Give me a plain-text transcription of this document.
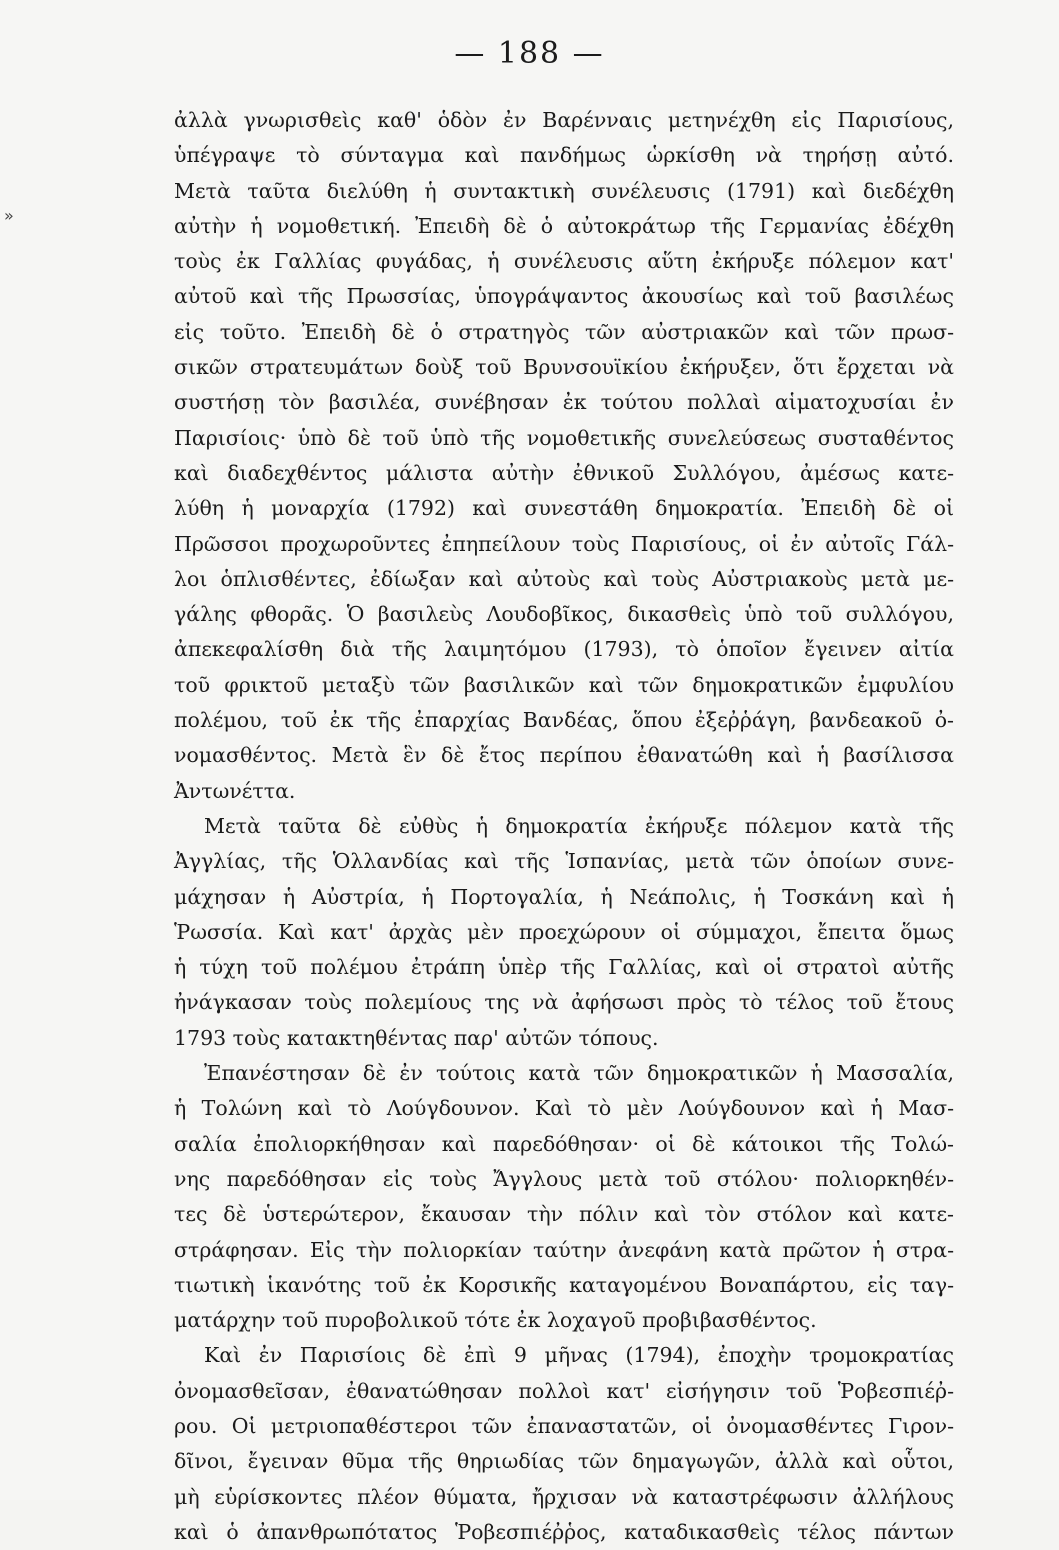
— 188 —
»
ἀλλὰ γνωρισθεὶς καθ' ὁδὸν ἐν Βαρένναις μετηνέχθη εἰς Παρισίους,
ὑπέγραψε τὸ σύνταγμα καὶ πανδήμως ὡρκίσθη νὰ τηρήσῃ αὐτό.
Μετὰ ταῦτα διελύθη ἡ συντακτικὴ συνέλευσις (1791) καὶ διεδέχθη
αὐτὴν ἡ νομοθετική. Ἐπειδὴ δὲ ὁ αὐτοκράτωρ τῆς Γερμανίας ἐδέχθη
τοὺς ἐκ Γαλλίας φυγάδας, ἡ συνέλευσις αὕτη ἐκήρυξε πόλεμον κατ'
αὐτοῦ καὶ τῆς Πρωσσίας, ὑπογράψαντος ἀκουσίως καὶ τοῦ βασιλέως
εἰς τοῦτο. Ἐπειδὴ δὲ ὁ στρατηγὸς τῶν αὐστριακῶν καὶ τῶν πρωσ-
σικῶν στρατευμάτων δοὺξ τοῦ Βρυνσουϊκίου ἐκήρυξεν, ὅτι ἔρχεται νὰ
συστήσῃ τὸν βασιλέα, συνέβησαν ἐκ τούτου πολλαὶ αἱματοχυσίαι ἐν
Παρισίοις· ὑπὸ δὲ τοῦ ὑπὸ τῆς νομοθετικῆς συνελεύσεως συσταθέντος
καὶ διαδεχθέντος μάλιστα αὐτὴν ἐθνικοῦ Συλλόγου, ἀμέσως κατε-
λύθη ἡ μοναρχία (1792) καὶ συνεστάθη δημοκρατία. Ἐπειδὴ δὲ οἱ
Πρῶσσοι προχωροῦντες ἐπηπείλουν τοὺς Παρισίους, οἱ ἐν αὐτοῖς Γάλ-
λοι ὁπλισθέντες, ἐδίωξαν καὶ αὐτοὺς καὶ τοὺς Αὐστριακοὺς μετὰ με-
γάλης φθορᾶς. Ὁ βασιλεὺς Λουδοβῖκος, δικασθεὶς ὑπὸ τοῦ συλλόγου,
ἀπεκεφαλίσθη διὰ τῆς λαιμητόμου (1793), τὸ ὁποῖον ἔγεινεν αἰτία
τοῦ φρικτοῦ μεταξὺ τῶν βασιλικῶν καὶ τῶν δημοκρατικῶν ἐμφυλίου
πολέμου, τοῦ ἐκ τῆς ἐπαρχίας Βανδέας, ὅπου ἐξεῤῥάγη, βανδεακοῦ ὀ-
νομασθέντος. Μετὰ ἓν δὲ ἔτος περίπου ἐθανατώθη καὶ ἡ βασίλισσα
Ἀντωνέττα.
Μετὰ ταῦτα δὲ εὐθὺς ἡ δημοκρατία ἐκήρυξε πόλεμον κατὰ τῆς
Ἀγγλίας, τῆς Ὁλλανδίας καὶ τῆς Ἱσπανίας, μετὰ τῶν ὁποίων συνε-
μάχησαν ἡ Αὐστρία, ἡ Πορτογαλία, ἡ Νεάπολις, ἡ Τοσκάνη καὶ ἡ
Ῥωσσία. Καὶ κατ' ἀρχὰς μὲν προεχώρουν οἱ σύμμαχοι, ἔπειτα ὅμως
ἡ τύχη τοῦ πολέμου ἐτράπη ὑπὲρ τῆς Γαλλίας, καὶ οἱ στρατοὶ αὐτῆς
ἠνάγκασαν τοὺς πολεμίους της νὰ ἀφήσωσι πρὸς τὸ τέλος τοῦ ἔτους
1793 τοὺς κατακτηθέντας παρ' αὐτῶν τόπους.
Ἐπανέστησαν δὲ ἐν τούτοις κατὰ τῶν δημοκρατικῶν ἡ Μασσαλία,
ἡ Τολώνη καὶ τὸ Λούγδουνον. Καὶ τὸ μὲν Λούγδουνον καὶ ἡ Μασ-
σαλία ἐπολιορκήθησαν καὶ παρεδόθησαν· οἱ δὲ κάτοικοι τῆς Τολώ-
νης παρεδόθησαν εἰς τοὺς Ἄγγλους μετὰ τοῦ στόλου· πολιορκηθέν-
τες δὲ ὑστερώτερον, ἔκαυσαν τὴν πόλιν καὶ τὸν στόλον καὶ κατε-
στράφησαν. Εἰς τὴν πολιορκίαν ταύτην ἀνεφάνη κατὰ πρῶτον ἡ στρα-
τιωτικὴ ἱκανότης τοῦ ἐκ Κορσικῆς καταγομένου Βοναπάρτου, εἰς ταγ-
ματάρχην τοῦ πυροβολικοῦ τότε ἐκ λοχαγοῦ προβιβασθέντος.
Καὶ ἐν Παρισίοις δὲ ἐπὶ 9 μῆνας (1794), ἐποχὴν τρομοκρατίας
ὀνομασθεῖσαν, ἐθανατώθησαν πολλοὶ κατ' εἰσήγησιν τοῦ Ῥοβεσπιέῤ-
ρου. Οἱ μετριοπαθέστεροι τῶν ἐπαναστατῶν, οἱ ὀνομασθέντες Γιρον-
δῖνοι, ἔγειναν θῦμα τῆς θηριωδίας τῶν δημαγωγῶν, ἀλλὰ καὶ οὗτοι,
μὴ εὑρίσκοντες πλέον θύματα, ἤρχισαν νὰ καταστρέφωσιν ἀλλήλους
καὶ ὁ ἀπανθρωπότατος Ῥοβεσπιέῤῥος, καταδικασθεὶς τέλος πάντων
